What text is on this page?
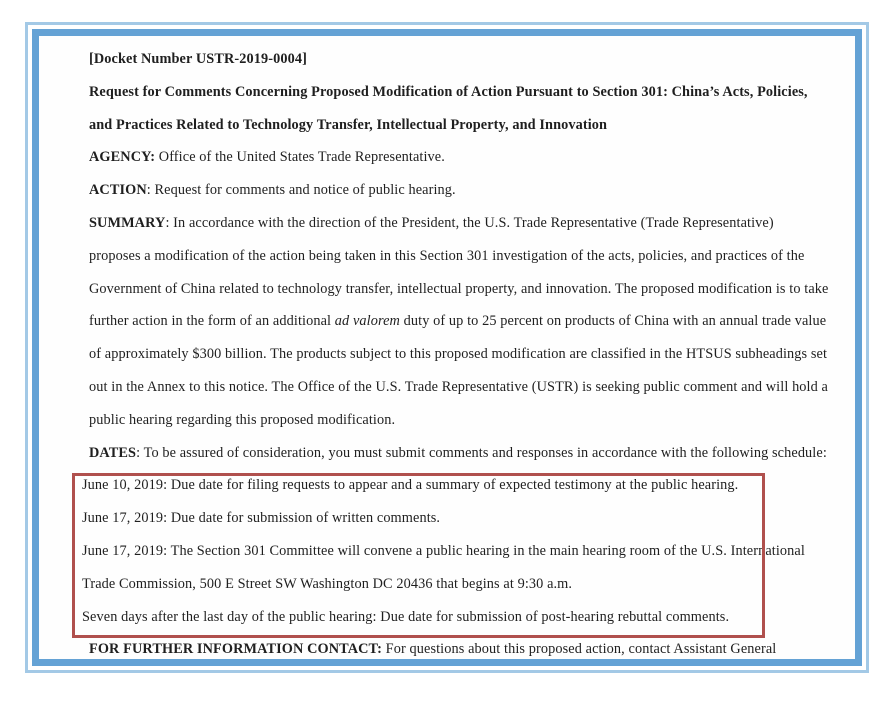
[Docket Number USTR-2019-0004]
Request for Comments Concerning Proposed Modification of Action Pursuant to Section 301: China’s Acts, Policies,
and Practices Related to Technology Transfer, Intellectual Property, and Innovation
AGENCY: Office of the United States Trade Representative.
ACTION: Request for comments and notice of public hearing.
SUMMARY: In accordance with the direction of the President, the U.S. Trade Representative (Trade Representative)
proposes a modification of the action being taken in this Section 301 investigation of the acts, policies, and practices of the
Government of China related to technology transfer, intellectual property, and innovation. The proposed modification is to take
further action in the form of an additional ad valorem duty of up to 25 percent on products of China with an annual trade value
of approximately $300 billion. The products subject to this proposed modification are classified in the HTSUS subheadings set
out in the Annex to this notice. The Office of the U.S. Trade Representative (USTR) is seeking public comment and will hold a
public hearing regarding this proposed modification.
DATES: To be assured of consideration, you must submit comments and responses in accordance with the following schedule:
June 10, 2019: Due date for filing requests to appear and a summary of expected testimony at the public hearing.
June 17, 2019: Due date for submission of written comments.
June 17, 2019: The Section 301 Committee will convene a public hearing in the main hearing room of the U.S. International
Trade Commission, 500 E Street SW Washington DC 20436 that begins at 9:30 a.m.
Seven days after the last day of the public hearing: Due date for submission of post-hearing rebuttal comments.
FOR FURTHER INFORMATION CONTACT: For questions about this proposed action, contact Assistant General
